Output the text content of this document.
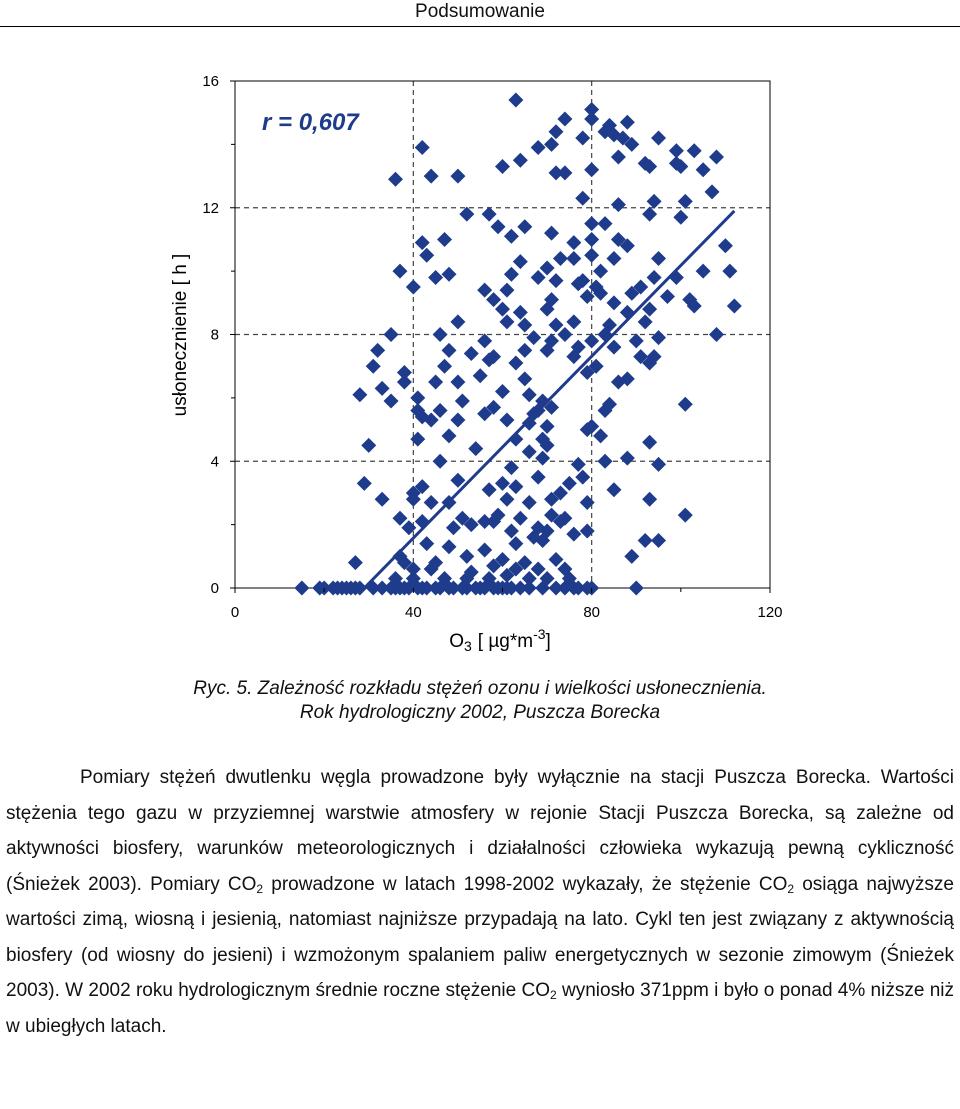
Podsumowanie
0	40	80	120
0
4
8
12
16
r = 0,607
usłonecznienie [ h ]
$O_3$ [ $\mu g*m^{-3}$]
Ryc. 5. Zależność rozkładu stężeń ozonu i wielkości usłonecznienia.
Rok hydrologiczny 2002, Puszcza Borecka

Pomiary stężeń dwutlenku węgla prowadzone były wyłącznie na stacji Puszcza Borecka. Wartości stężenia tego gazu w przyziemnej warstwie atmosfery w rejonie Stacji Puszcza Borecka, są zależne od aktywności biosfery, warunków meteorologicznych i działalności człowieka wykazują pewną cykliczność (Śnieżek 2003). Pomiary $CO_2$ prowadzone w latach 1998-2002 wykazały, że stężenie $CO_2$ osiąga najwyższe wartości zimą, wiosną i jesienią, natomiast najniższe przypadają na lato. Cykl ten jest związany z aktywnością biosfery (od wiosny do jesieni) i wzmożonym spalaniem paliw energetycznych w sezonie zimowym (Śnieżek 2003). W 2002 roku hydrologicznym średnie roczne stężenie $CO_2$ wyniosło 371ppm i było o ponad 4% niższe niż w ubiegłych latach.
